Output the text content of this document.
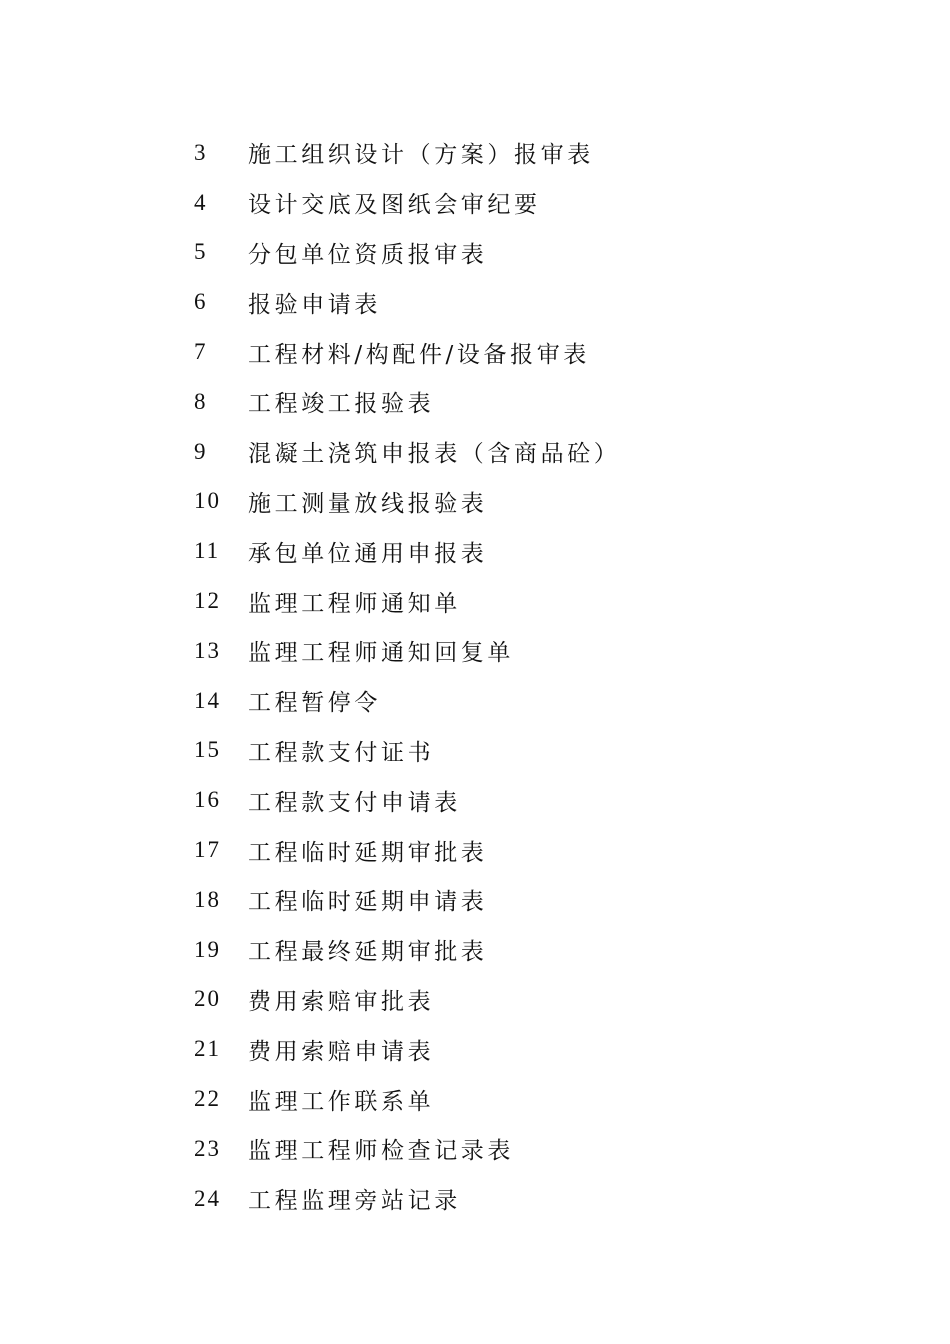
3	施工组织设计（方案）报审表
4	设计交底及图纸会审纪要
5	分包单位资质报审表
6	报验申请表
7	工程材料/构配件/设备报审表
8	工程竣工报验表
9	混凝土浇筑申报表（含商品砼）
10	施工测量放线报验表
11	承包单位通用申报表
12	监理工程师通知单
13	监理工程师通知回复单
14	工程暂停令
15	工程款支付证书
16	工程款支付申请表
17	工程临时延期审批表
18	工程临时延期申请表
19	工程最终延期审批表
20	费用索赔审批表
21	费用索赔申请表
22	监理工作联系单
23	监理工程师检查记录表
24	工程监理旁站记录
